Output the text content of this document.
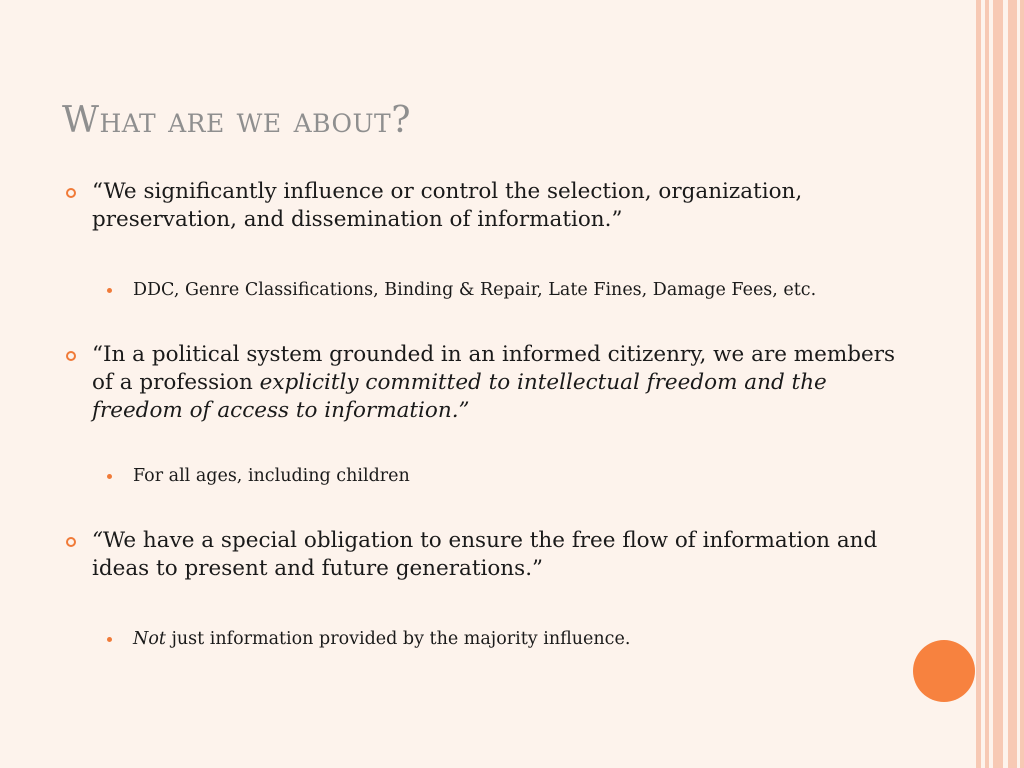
What are we about?
“We significantly influence or control the selection, organization, preservation, and dissemination of information.”
DDC, Genre Classifications, Binding & Repair, Late Fines, Damage Fees, etc.
“In a political system grounded in an informed citizenry, we are members of a profession explicitly committed to intellectual freedom and the freedom of access to information.”
For all ages, including children
“We have a special obligation to ensure the free flow of information and ideas to present and future generations.”
Not just information provided by the majority influence.
